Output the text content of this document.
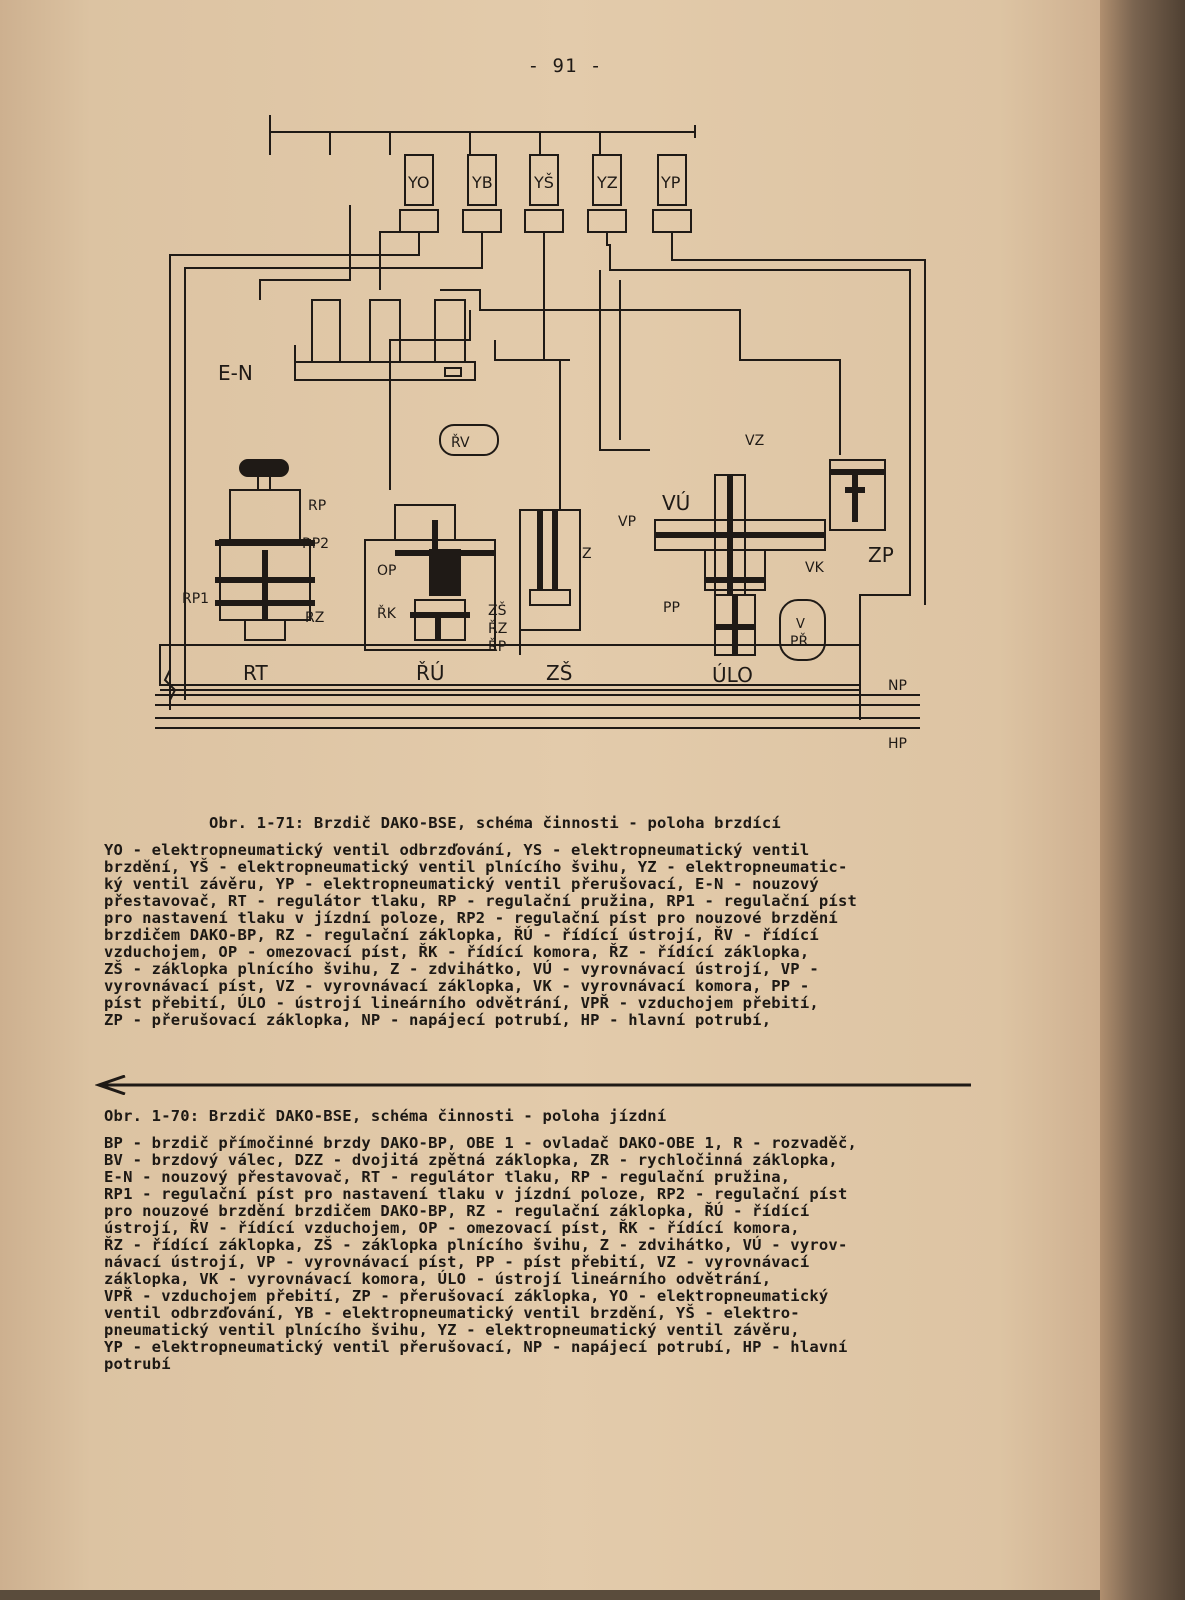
- 91 -
YO	YB	YŠ	YZ	YP
E-N
ŘV	VZ
VÚ
VP
RP
RP2
RP1
RZ
OP
ŘK	ZŠ
ŘZ
ŘP
Z
VK
ZP
PP
V
PŘ
RT	ŘÚ	ZŠ	ÚLO	NP
HP
Obr. 1-71: Brzdič DAKO-BSE, schéma činnosti - poloha brzdící
YO - elektropneumatický ventil odbrzďování, YS - elektropneumatický ventil
brzdění, YŠ - elektropneumatický ventil plnícího švihu, YZ - elektropneumatic-
ký ventil závěru, YP - elektropneumatický ventil přerušovací, E-N - nouzový
přestavovač, RT - regulátor tlaku, RP - regulační pružina, RP1 - regulační píst
pro nastavení tlaku v jízdní poloze, RP2 - regulační píst pro nouzové brzdění
brzdičem DAKO-BP, RZ - regulační záklopka, ŘÚ - řídící ústrojí, ŘV - řídící
vzduchojem, OP - omezovací píst, ŘK - řídící komora, ŘZ - řídící záklopka,
ZŠ - záklopka plnícího švihu, Z - zdvihátko, VÚ - vyrovnávací ústrojí, VP -
vyrovnávací píst, VZ - vyrovnávací záklopka, VK - vyrovnávací komora, PP -
píst přebití, ÚLO - ústrojí lineárního odvětrání, VPŘ - vzduchojem přebití,
ZP - přerušovací záklopka, NP - napájecí potrubí, HP - hlavní potrubí,
Obr. 1-70: Brzdič DAKO-BSE, schéma činnosti - poloha jízdní
BP - brzdič přímočinné brzdy DAKO-BP, OBE 1 - ovladač DAKO-OBE 1, R - rozvaděč,
BV - brzdový válec, DZZ - dvojitá zpětná záklopka, ZR - rychločinná záklopka,
E-N - nouzový přestavovač, RT - regulátor tlaku, RP - regulační pružina,
RP1 - regulační píst pro nastavení tlaku v jízdní poloze, RP2 - regulační píst
pro nouzové brzdění brzdičem DAKO-BP, RZ - regulační záklopka, ŘÚ - řídící
ústrojí, ŘV - řídící vzduchojem, OP - omezovací píst, ŘK - řídící komora,
ŘZ - řídící záklopka, ZŠ - záklopka plnícího švihu, Z - zdvihátko, VÚ - vyrov-
návací ústrojí, VP - vyrovnávací píst, PP - píst přebití, VZ - vyrovnávací
záklopka, VK - vyrovnávací komora, ÚLO - ústrojí lineárního odvětrání,
VPŘ - vzduchojem přebití, ZP - přerušovací záklopka, YO - elektropneumatický
ventil odbrzďování, YB - elektropneumatický ventil brzdění, YŠ - elektro-
pneumatický ventil plnícího švihu, YZ - elektropneumatický ventil závěru,
YP - elektropneumatický ventil přerušovací, NP - napájecí potrubí, HP - hlavní
potrubí
